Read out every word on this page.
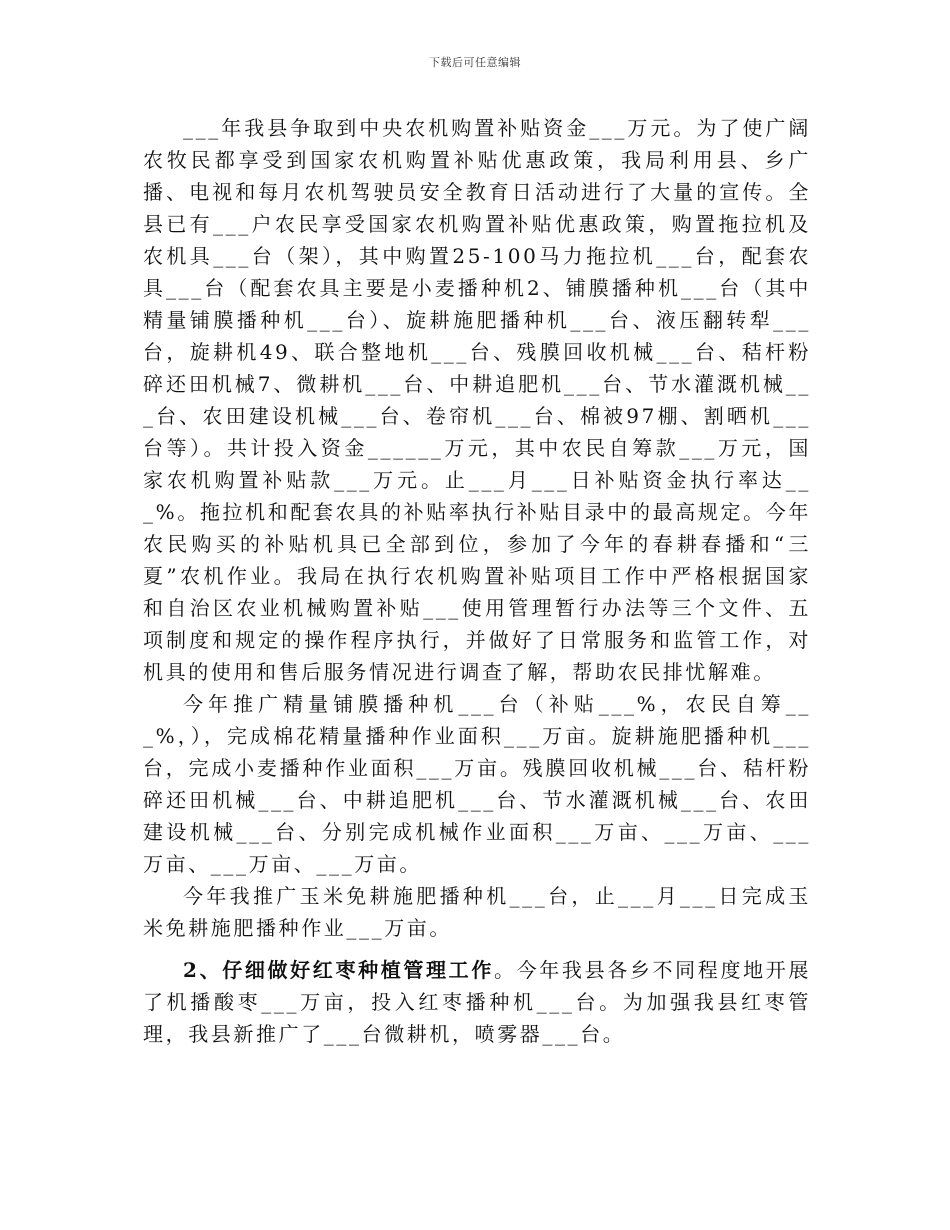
下载后可任意编辑

___年我县争取到中央农机购置补贴资金___万元。为了使广阔农牧民都享受到国家农机购置补贴优惠政策，我局利用县、乡广播、电视和每月农机驾驶员安全教育日活动进行了大量的宣传。全县已有___户农民享受国家农机购置补贴优惠政策，购置拖拉机及农机具___台（架），其中购置25-100马力拖拉机___台，配套农具___台（配套农具主要是小麦播种机2、铺膜播种机___台（其中精量铺膜播种机___台）、旋耕施肥播种机___台、液压翻转犁___台，旋耕机49、联合整地机___台、残膜回收机械___台、秸杆粉碎还田机械7、微耕机___台、中耕追肥机___台、节水灌溉机械___台、农田建设机械___台、卷帘机___台、棉被97棚、割晒机___台等）。共计投入资金______万元，其中农民自筹款___万元，国家农机购置补贴款___万元。止___月___日补贴资金执行率达___%。拖拉机和配套农具的补贴率执行补贴目录中的最高规定。今年农民购买的补贴机具已全部到位，参加了今年的春耕春播和“三夏”农机作业。我局在执行农机购置补贴项目工作中严格根据国家和自治区农业机械购置补贴___使用管理暂行办法等三个文件、五项制度和规定的操作程序执行，并做好了日常服务和监管工作，对机具的使用和售后服务情况进行调查了解，帮助农民排忧解难。

今年推广精量铺膜播种机___台（补贴___%，农民自筹___%，），完成棉花精量播种作业面积___万亩。旋耕施肥播种机___台，完成小麦播种作业面积___万亩。残膜回收机械___台、秸杆粉碎还田机械___台、中耕追肥机___台、节水灌溉机械___台、农田建设机械___台、分别完成机械作业面积___万亩、___万亩、___万亩、___万亩、___万亩。

今年我推广玉米免耕施肥播种机___台，止___月___日完成玉米免耕施肥播种作业___万亩。

2、仔细做好红枣种植管理工作。今年我县各乡不同程度地开展了机播酸枣___万亩，投入红枣播种机___台。为加强我县红枣管理，我县新推广了___台微耕机，喷雾器___台。
